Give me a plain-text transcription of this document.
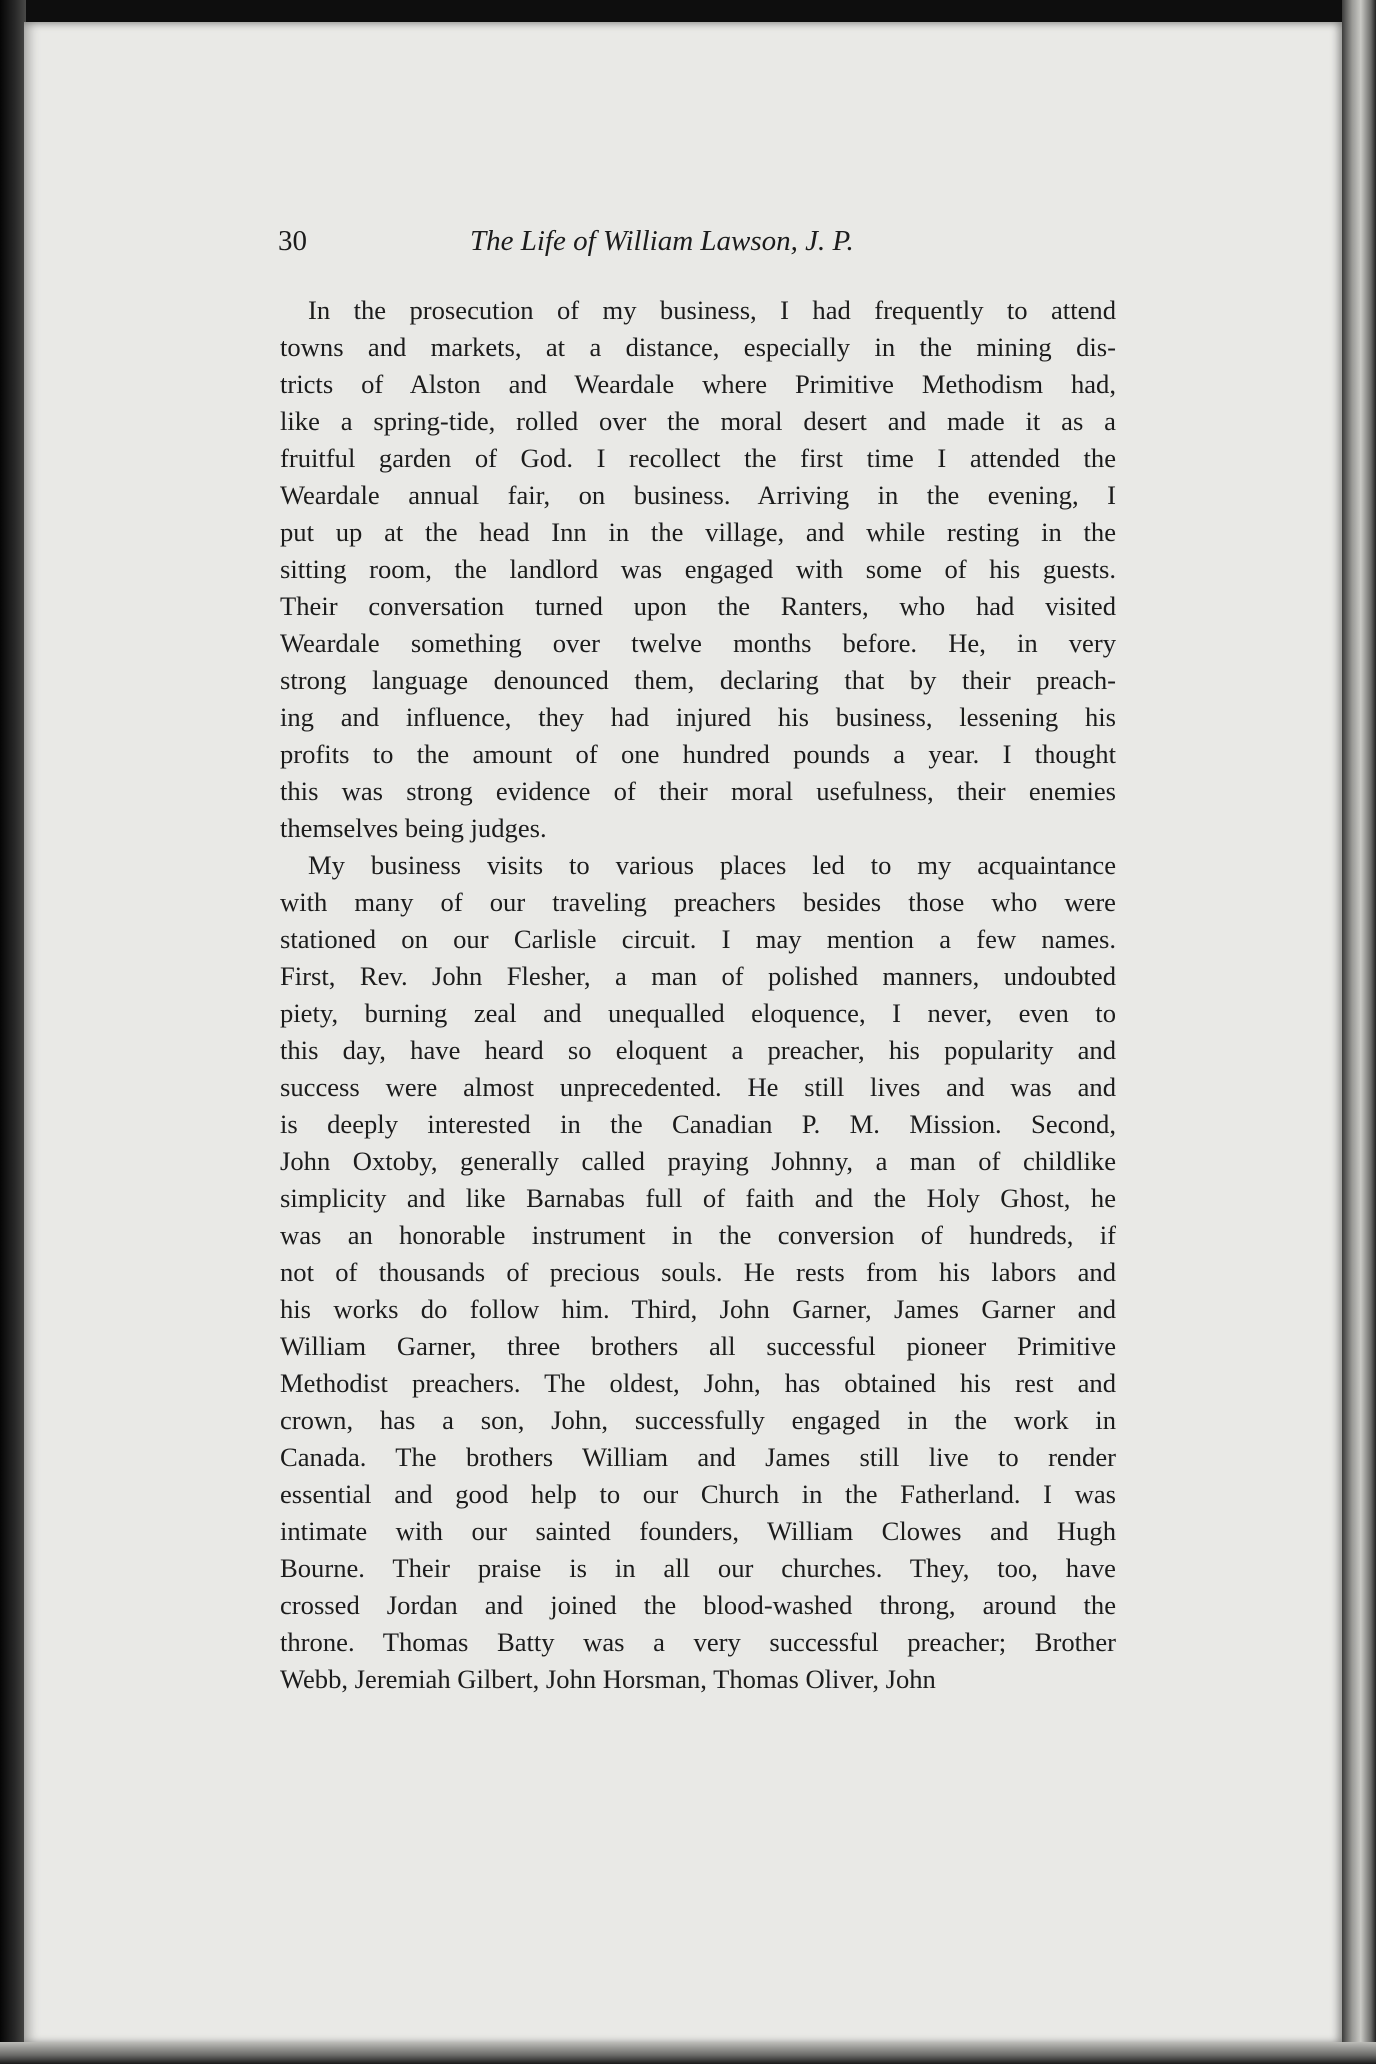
30	The Life of William Lawson, J. P.
In the prosecution of my business, I had frequently to attend
towns and markets, at a distance, especially in the mining dis-
tricts of Alston and Weardale where Primitive Methodism had,
like a spring-tide, rolled over the moral desert and made it as a
fruitful garden of God. I recollect the first time I attended the
Weardale annual fair, on business. Arriving in the evening, I
put up at the head Inn in the village, and while resting in the
sitting room, the landlord was engaged with some of his guests.
Their conversation turned upon the Ranters, who had visited
Weardale something over twelve months before. He, in very
strong language denounced them, declaring that by their preach-
ing and influence, they had injured his business, lessening his
profits to the amount of one hundred pounds a year. I thought
this was strong evidence of their moral usefulness, their enemies
themselves being judges.
My business visits to various places led to my acquaintance
with many of our traveling preachers besides those who were
stationed on our Carlisle circuit. I may mention a few names.
First, Rev. John Flesher, a man of polished manners, undoubted
piety, burning zeal and unequalled eloquence, I never, even to
this day, have heard so eloquent a preacher, his popularity and
success were almost unprecedented. He still lives and was and
is deeply interested in the Canadian P. M. Mission. Second,
John Oxtoby, generally called praying Johnny, a man of childlike
simplicity and like Barnabas full of faith and the Holy Ghost, he
was an honorable instrument in the conversion of hundreds, if
not of thousands of precious souls. He rests from his labors and
his works do follow him. Third, John Garner, James Garner and
William Garner, three brothers all successful pioneer Primitive
Methodist preachers. The oldest, John, has obtained his rest and
crown, has a son, John, successfully engaged in the work in
Canada. The brothers William and James still live to render
essential and good help to our Church in the Fatherland. I was
intimate with our sainted founders, William Clowes and Hugh
Bourne. Their praise is in all our churches. They, too, have
crossed Jordan and joined the blood-washed throng, around the
throne. Thomas Batty was a very successful preacher; Brother
Webb, Jeremiah Gilbert, John Horsman, Thomas Oliver, John
